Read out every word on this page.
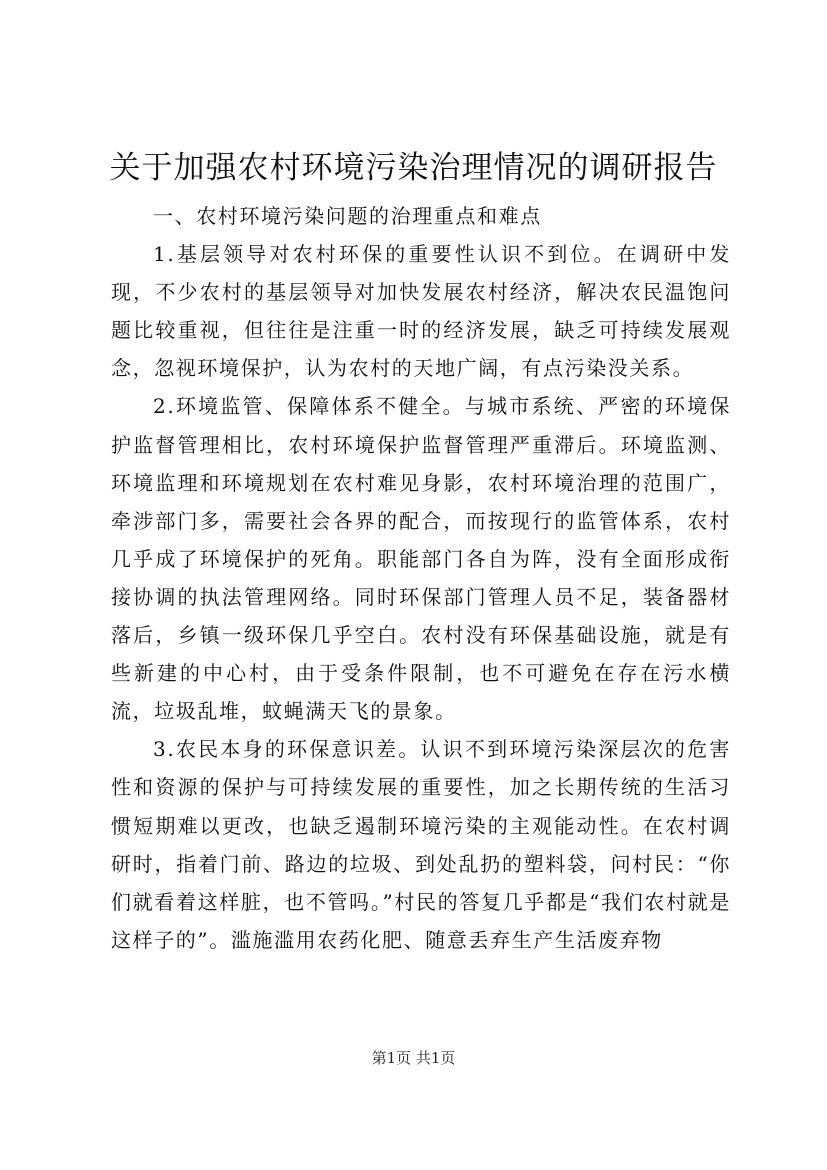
关于加强农村环境污染治理情况的调研报告

一、农村环境污染问题的治理重点和难点

1.基层领导对农村环保的重要性认识不到位。在调研中发现，不少农村的基层领导对加快发展农村经济，解决农民温饱问题比较重视，但往往是注重一时的经济发展，缺乏可持续发展观念，忽视环境保护，认为农村的天地广阔，有点污染没关系。

2.环境监管、保障体系不健全。与城市系统、严密的环境保护监督管理相比，农村环境保护监督管理严重滞后。环境监测、环境监理和环境规划在农村难见身影，农村环境治理的范围广，牵涉部门多，需要社会各界的配合，而按现行的监管体系，农村几乎成了环境保护的死角。职能部门各自为阵，没有全面形成衔接协调的执法管理网络。同时环保部门管理人员不足，装备器材落后，乡镇一级环保几乎空白。农村没有环保基础设施，就是有些新建的中心村，由于受条件限制，也不可避免在存在污水横流，垃圾乱堆，蚊蝇满天飞的景象。

3.农民本身的环保意识差。认识不到环境污染深层次的危害性和资源的保护与可持续发展的重要性，加之长期传统的生活习惯短期难以更改，也缺乏遏制环境污染的主观能动性。在农村调研时，指着门前、路边的垃圾、到处乱扔的塑料袋，问村民：“你们就看着这样脏，也不管吗。”村民的答复几乎都是“我们农村就是这样子的”。滥施滥用农药化肥、随意丢弃生产生活废弃物

第1页 共1页
